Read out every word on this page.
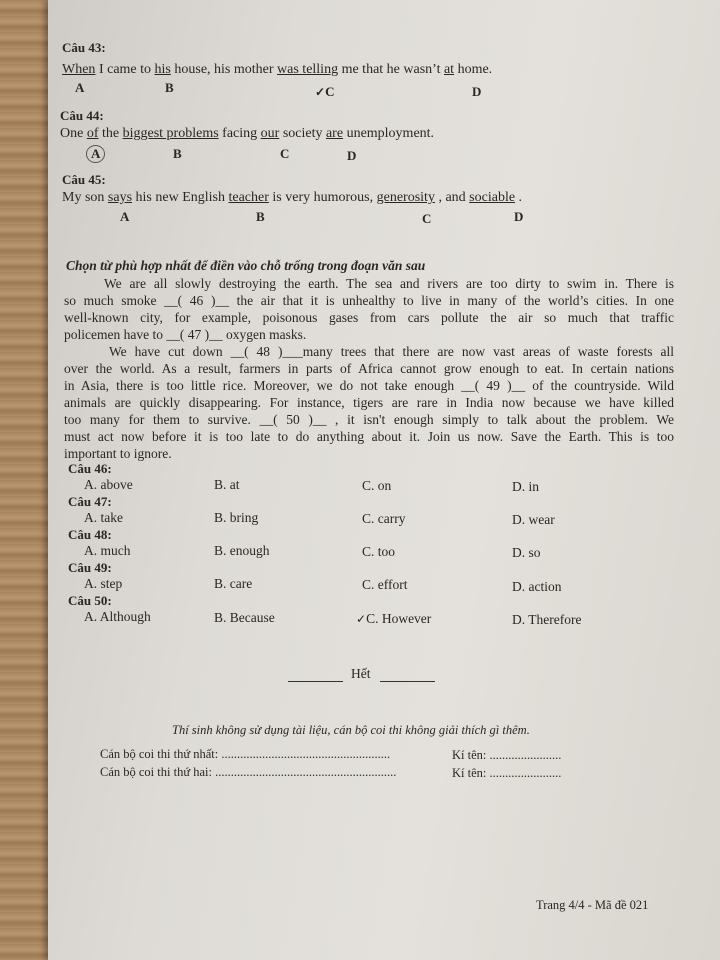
Câu 43:
When I came to his house, his mother was telling me that he wasn’t at home.
A	B	✓C	D
Câu 44:
One of the biggest problems facing our society are unemployment.
A	B	C	D
Câu 45:
My son says his new English teacher is very humorous, generosity , and sociable .
A	B	C	D
Chọn từ phù hợp nhất để điền vào chỗ trống trong đoạn văn sau
We are all slowly destroying the earth. The sea and rivers are too dirty to swim in. There is
so much smoke __( 46 )__ the air that it is unhealthy to live in many of the world’s cities. In one
well-known city, for example, poisonous gases from cars pollute the air so much that traffic
policemen have to __( 47 )__ oxygen masks.
We have cut down __( 48 )___many trees that there are now vast areas of waste forests all
over the world. As a result, farmers in parts of Africa cannot grow enough to eat. In certain nations
in Asia, there is too little rice. Moreover, we do not take enough __( 49 )__ of the countryside. Wild
animals are quickly disappearing. For instance, tigers are rare in India now because we have killed
too many for them to survive. __( 50 )__ , it isn't enough simply to talk about the problem. We
must act now before it is too late to do anything about it. Join us now. Save the Earth. This is too
important to ignore.
Câu 46:
A. above	B. at	C. on	D. in
Câu 47:
A. take	B. bring	C. carry	D. wear
Câu 48:
A. much	B. enough	C. too	D. so
Câu 49:
A. step	B. care	C. effort	D. action
Câu 50:
A. Although	B. Because	✓C. However	D. Therefore
Hết
Thí sinh không sử dụng tài liệu, cán bộ coi thi không giải thích gì thêm.
Cán bộ coi thi thứ nhất: ......................................................	Kí tên: .......................
Cán bộ coi thi thứ hai: ..........................................................	Kí tên: .......................
Trang 4/4 - Mã đề 021
